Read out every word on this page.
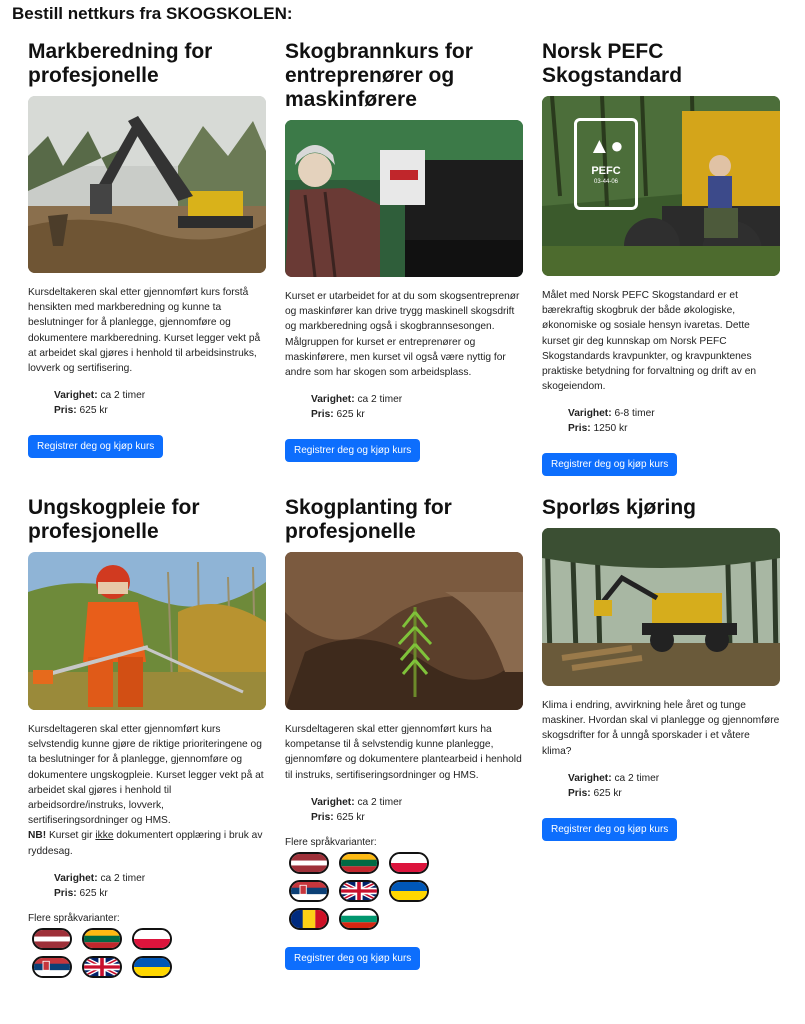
Bestill nettkurs fra SKOGSKOLEN:
Markberedning for
profesjonelle

Kursdeltakeren skal etter gjennomført kurs forstå hensikten med markberedning og kunne ta beslutninger for å planlegge, gjennomføre og dokumentere markberedning. Kurset legger vekt på at arbeidet skal gjøres i henhold til arbeidsinstruks, lovverk og sertifisering.

Varighet: ca 2 timer
Pris: 625 kr
Registrer deg og kjøp kurs
Skogbrannkurs for
entreprenører og
maskinførere

Kurset er utarbeidet for at du som skogsentreprenør og maskinfører kan drive trygg maskinell skogsdrift og markberedning også i skogbrannsesongen.
Målgruppen for kurset er entreprenører og maskinførere, men kurset vil også være nyttig for andre som har skogen som arbeidsplass.

Varighet: ca 2 timer
Pris: 625 kr
Registrer deg og kjøp kurs
Norsk PEFC
Skogstandard
▲●
PEFC
03-44-06

Målet med Norsk PEFC Skogstandard er et bærekraftig skogbruk der både økologiske, økonomiske og sosiale hensyn ivaretas. Dette kurset gir deg kunnskap om Norsk PEFC Skogstandards kravpunkter, og kravpunktenes praktiske betydning for forvaltning og drift av en skogeiendom.

Varighet: 6-8 timer
Pris: 1250 kr
Registrer deg og kjøp kurs
Ungskogpleie for
profesjonelle

Kursdeltageren skal etter gjennomført kurs selvstendig kunne gjøre de riktige prioriteringene og ta beslutninger for å planlegge, gjennomføre og dokumentere ungskogpleie. Kurset legger vekt på at arbeidet skal gjøres i henhold til arbeidsordre/instruks, lovverk, sertifiseringsordninger og HMS.
NB! Kurset gir ikke dokumentert opplæring i bruk av ryddesag.

Varighet: ca 2 timer
Pris: 625 kr
Flere språkvarianter:
Skogplanting for
profesjonelle

Kursdeltageren skal etter gjennomført kurs ha kompetanse til å selvstendig kunne planlegge, gjennomføre og dokumentere plantearbeid i henhold til instruks, sertifiseringsordninger og HMS.

Varighet: ca 2 timer
Pris: 625 kr
Flere språkvarianter:
Registrer deg og kjøp kurs
Sporløs kjøring

Klima i endring, avvirkning hele året og tunge maskiner. Hvordan skal vi planlegge og gjennomføre skogsdrifter for å unngå sporskader i et våtere klima?

Varighet: ca 2 timer
Pris: 625 kr
Registrer deg og kjøp kurs
